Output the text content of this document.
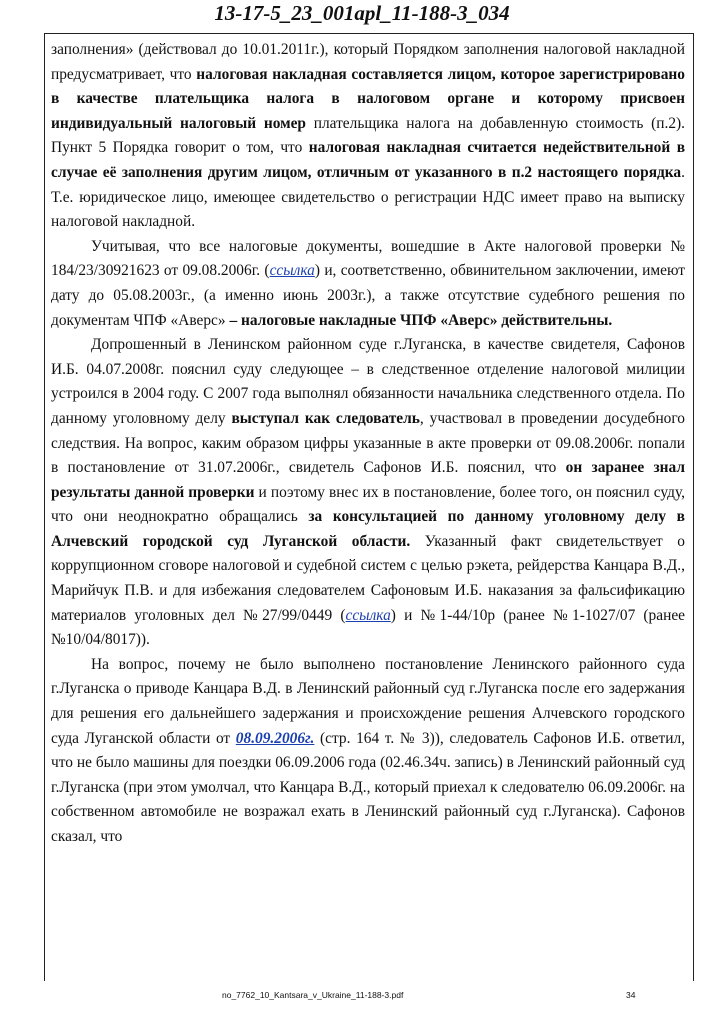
13-17-5_23_001apl_11-188-3_034

заполнения» (действовал до 10.01.2011г.), который Порядком заполнения налоговой накладной предусматривает, что налоговая накладная составляется лицом, которое зарегистрировано в качестве плательщика налога в налоговом органе и которому присвоен индивидуальный налоговый номер плательщика налога на добавленную стоимость (п.2). Пункт 5 Порядка говорит о том, что налоговая накладная считается недействительной в случае её заполнения другим лицом, отличным от указанного в п.2 настоящего порядка. Т.е. юридическое лицо, имеющее свидетельство о регистрации НДС имеет право на выписку налоговой накладной.

Учитывая, что все налоговые документы, вошедшие в Акте налоговой проверки № 184/23/30921623 от 09.08.2006г. (ссылка) и, соответственно, обвинительном заключении, имеют дату до 05.08.2003г., (а именно июнь 2003г.), а также отсутствие судебного решения по документам ЧПФ «Аверс» – налоговые накладные ЧПФ «Аверс» действительны.

Допрошенный в Ленинском районном суде г.Луганска, в качестве свидетеля, Сафонов И.Б. 04.07.2008г. пояснил суду следующее – в следственное отделение налоговой милиции устроился в 2004 году. С 2007 года выполнял обязанности начальника следственного отдела. По данному уголовному делу выступал как следователь, участвовал в проведении досудебного следствия. На вопрос, каким образом цифры указанные в акте проверки от 09.08.2006г. попали в постановление от 31.07.2006г., свидетель Сафонов И.Б. пояснил, что он заранее знал результаты данной проверки и поэтому внес их в постановление, более того, он пояснил суду, что они неоднократно обращались за консультацией по данному уголовному делу в Алчевский городской суд Луганской области. Указанный факт свидетельствует о коррупционном сговоре налоговой и судебной систем с целью рэкета, рейдерства Канцара В.Д., Марийчук П.В. и для избежания следователем Сафоновым И.Б. наказания за фальсификацию материалов уголовных дел №27/99/0449 (ссылка) и №1-44/10р (ранее №1-1027/07 (ранее №10/04/8017)).

На вопрос, почему не было выполнено постановление Ленинского районного суда г.Луганска о приводе Канцара В.Д. в Ленинский районный суд г.Луганска после его задержания для решения его дальнейшего задержания и происхождение решения Алчевского городского суда Луганской области от 08.09.2006г. (стр. 164 т. № 3)), следователь Сафонов И.Б. ответил, что не было машины для поездки 06.09.2006 года (02.46.34ч. запись) в Ленинский районный суд г.Луганска (при этом умолчал, что Канцара В.Д., который приехал к следователю 06.09.2006г. на собственном автомобиле не возражал ехать в Ленинский районный суд г.Луганска). Сафонов сказал, что

no_7762_10_Kantsara_v_Ukraine_11-188-3.pdf	34
